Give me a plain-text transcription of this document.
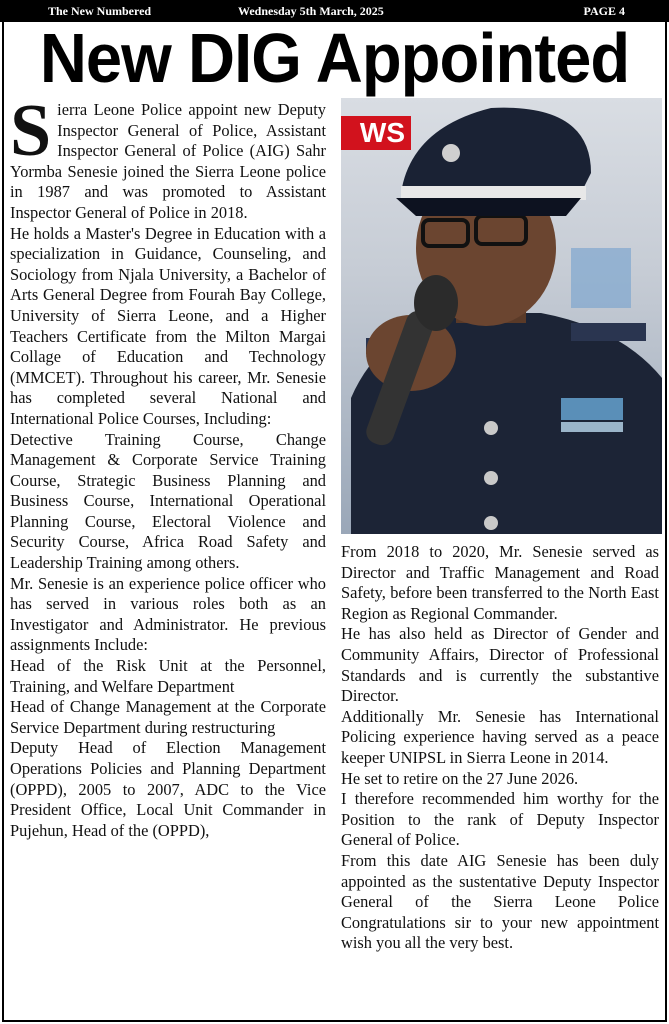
The New Numbered	Wednesday 5th March, 2025	PAGE 4
New DIG Appointed

Sierra Leone Police appoint new Deputy Inspector General of Police, Assistant Inspector General of Police (AIG) Sahr Yormba Senesie joined the Sierra Leone police in 1987 and was promoted to Assistant Inspector General of Police in 2018.

He holds a Master's Degree in Education with a specialization in Guidance, Counseling, and Sociology from Njala University, a Bachelor of Arts General Degree from Fourah Bay College, University of Sierra Leone, and a Higher Teachers Certificate from the Milton Margai Collage of Education and Technology (MMCET). Throughout his career, Mr. Senesie has completed several National and International Police Courses, Including:

Detective Training Course, Change Management & Corporate Service Training Course, Strategic Business Planning and Business Course, International Operational Planning Course, Electoral Violence and Security Course, Africa Road Safety and Leadership Training among others.

Mr. Senesie is an experience police officer who has served in various roles both as an Investigator and Administrator. He previous assignments Include:

Head of the Risk Unit at the Personnel, Training, and Welfare Department

Head of Change Management at the Corporate Service Department during restructuring

Deputy Head of Election Management Operations Policies and Planning Department (OPPD), 2005 to 2007, ADC to the Vice President Office, Local Unit Commander in Pujehun, Head of the (OPPD),

WS

From 2018 to 2020, Mr. Senesie served as Director and Traffic Management and Road Safety, before been transferred to the North East Region as Regional Commander.

He has also held as Director of Gender and Community Affairs, Director of Professional Standards and is currently the substantive Director.

Additionally Mr. Senesie has International Policing experience having served as a peace keeper UNIPSL in Sierra Leone in 2014.

He set to retire on the 27 June 2026.

I therefore recommended him worthy for the Position to the rank of Deputy Inspector General of Police.

From this date AIG Senesie has been duly appointed as the sustentative Deputy Inspector General of the Sierra Leone Police Congratulations sir to your new appointment wish you all the very best.
